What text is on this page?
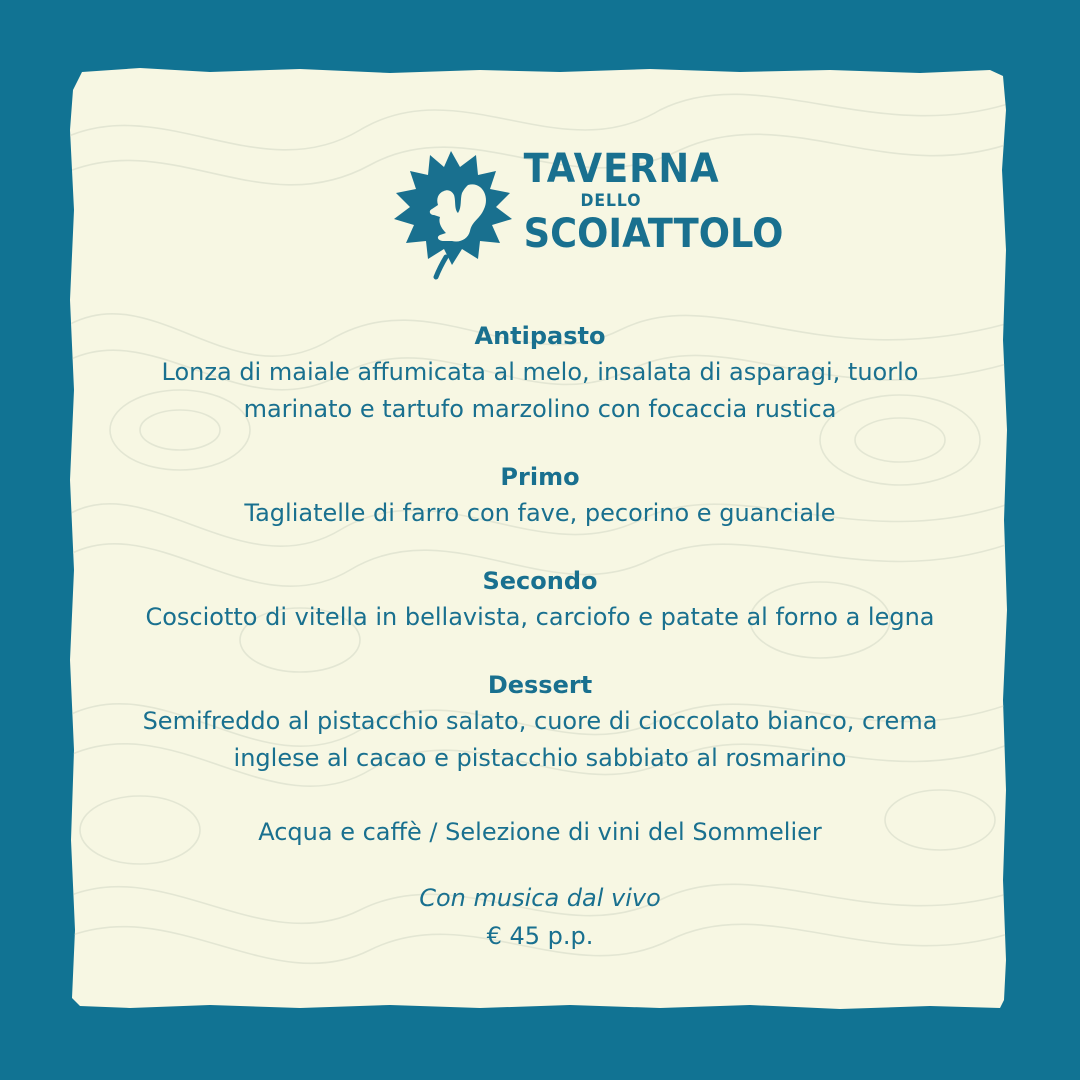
TAVERNA
DELLO
SCOIATTOLO
Antipasto
Lonza di maiale affumicata al melo, insalata di asparagi, tuorlo
marinato e tartufo marzolino con focaccia rustica
Primo
Tagliatelle di farro con fave, pecorino e guanciale
Secondo
Cosciotto di vitella in bellavista, carciofo e patate al forno a legna
Dessert
Semifreddo al pistacchio salato, cuore di cioccolato bianco, crema
inglese al cacao e pistacchio sabbiato al rosmarino
Acqua e caffè / Selezione di vini del Sommelier
Con musica dal vivo
€ 45 p.p.
